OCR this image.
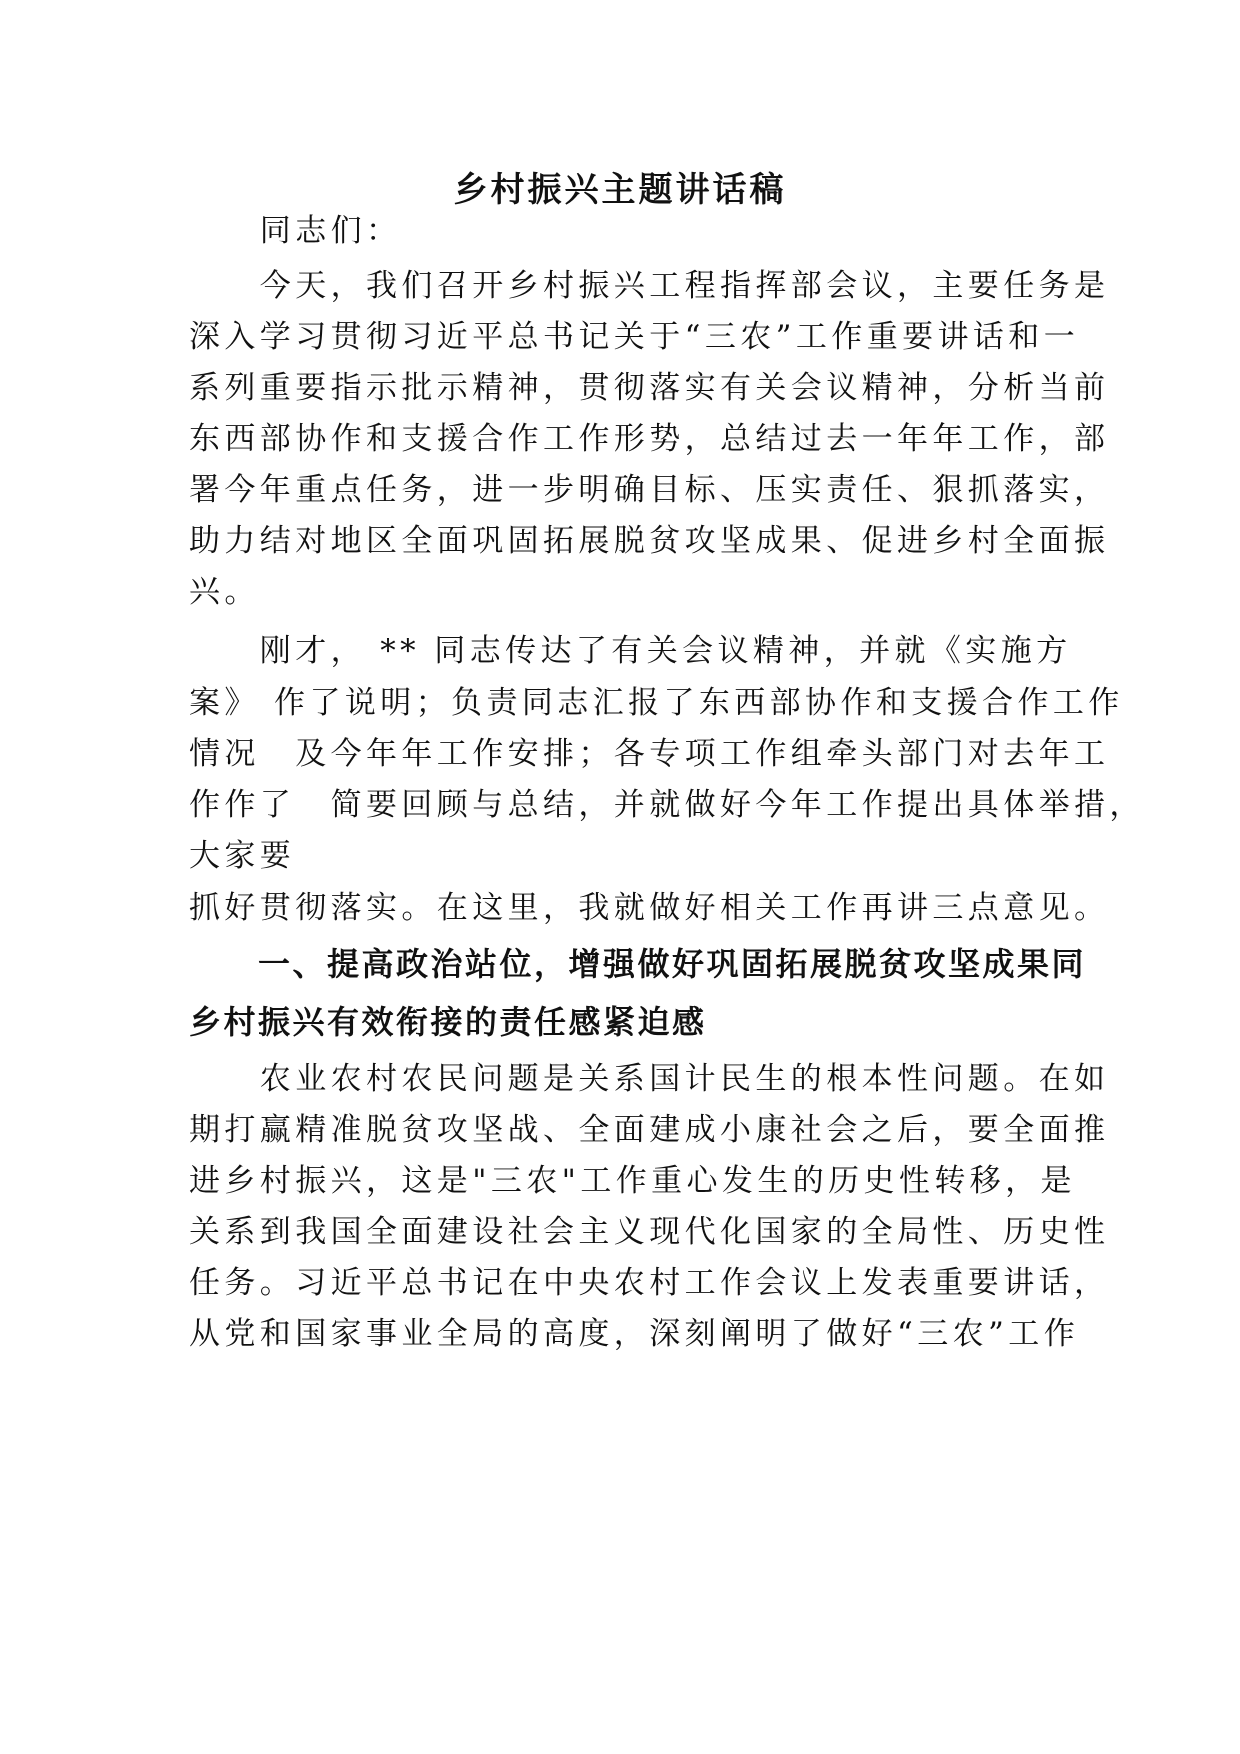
乡村振兴主题讲话稿
　　同志们：
　　今天，我们召开乡村振兴工程指挥部会议，主要任务是
深入学习贯彻习近平总书记关于“三农”工作重要讲话和一
系列重要指示批示精神，贯彻落实有关会议精神，分析当前
东西部协作和支援合作工作形势，总结过去一年年工作，部
署今年重点任务，进一步明确目标、压实责任、狠抓落实，
助力结对地区全面巩固拓展脱贫攻坚成果、促进乡村全面振
兴。
　　刚才， ** 同志传达了有关会议精神，并就《实施方
案》 作了说明；负责同志汇报了东西部协作和支援合作工作
情况　及今年年工作安排；各专项工作组牵头部门对去年工
作作了　简要回顾与总结，并就做好今年工作提出具体举措，
大家要
抓好贯彻落实。在这里，我就做好相关工作再讲三点意见。
　　一、提高政治站位，增强做好巩固拓展脱贫攻坚成果同
乡村振兴有效衔接的责任感紧迫感
　　农业农村农民问题是关系国计民生的根本性问题。在如
期打赢精准脱贫攻坚战、全面建成小康社会之后，要全面推
进乡村振兴，这是"三农"工作重心发生的历史性转移，是
关系到我国全面建设社会主义现代化国家的全局性、历史性
任务。习近平总书记在中央农村工作会议上发表重要讲话，
从党和国家事业全局的高度，深刻阐明了做好“三农”工作
